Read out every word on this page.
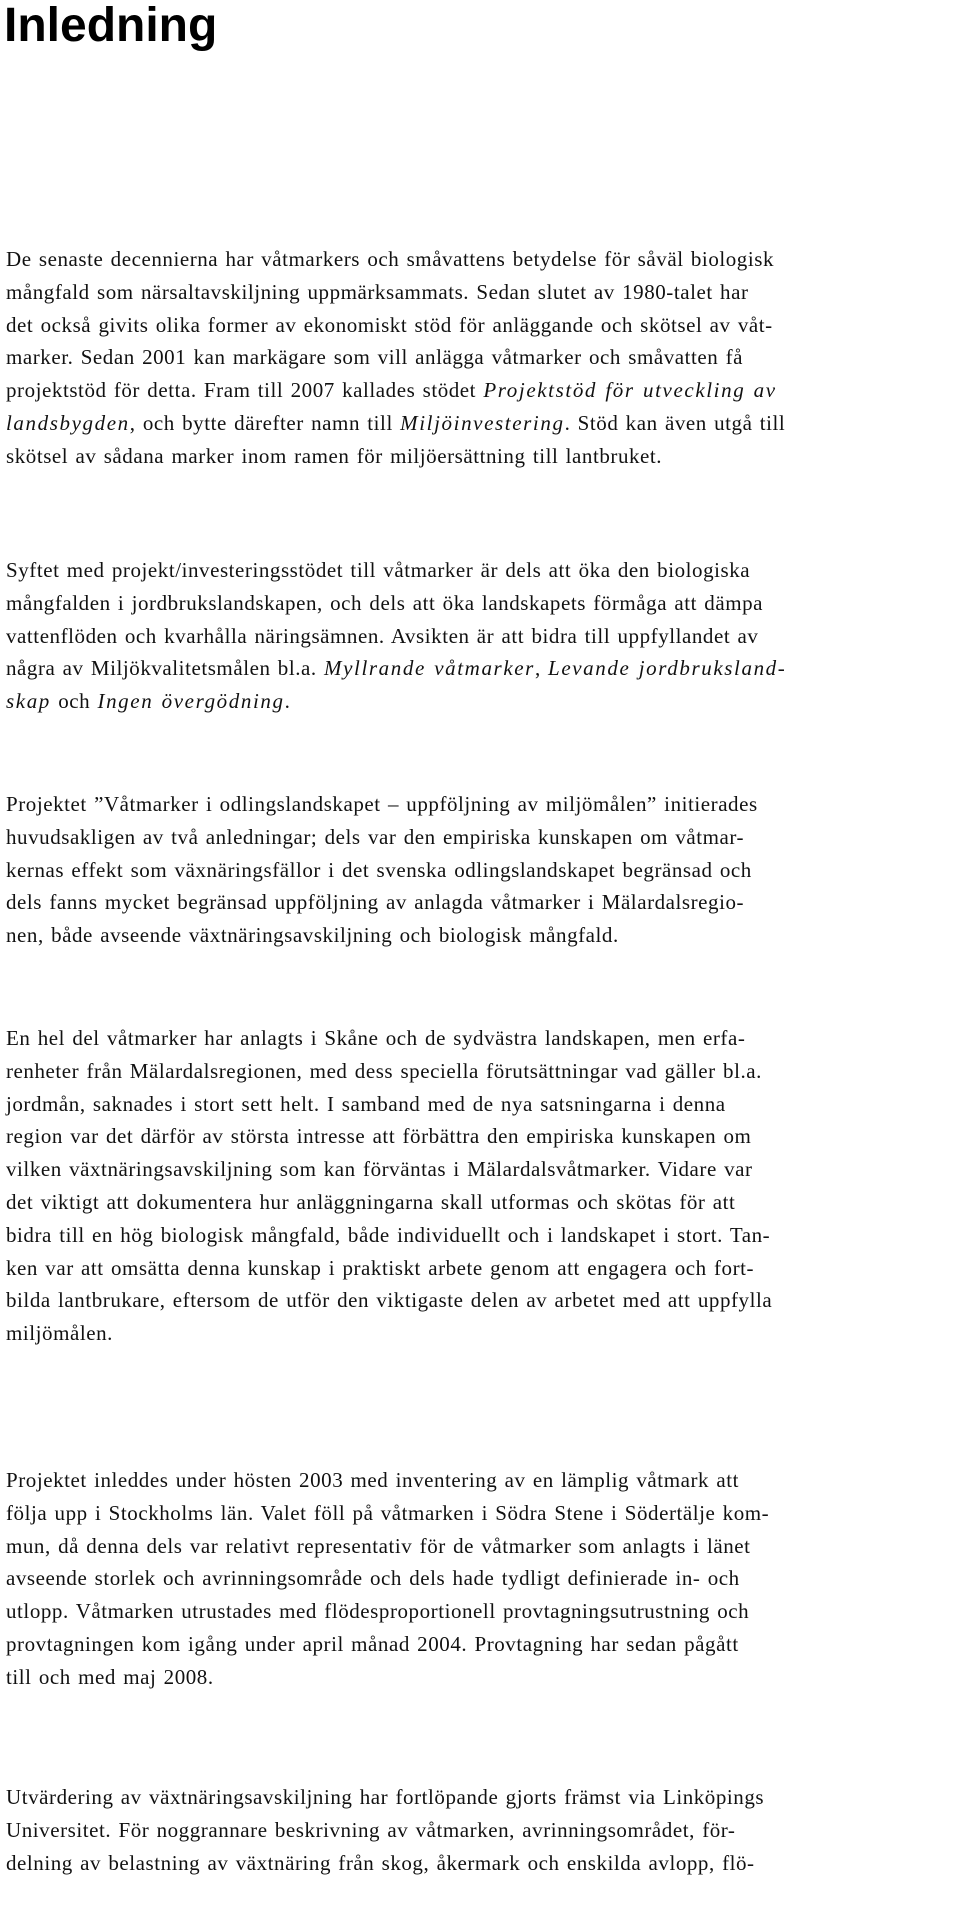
Inledning

De senaste decennierna har våtmarkers och småvattens betydelse för såväl biologisk
mångfald som närsaltavskiljning uppmärksammats. Sedan slutet av 1980-talet har
det också givits olika former av ekonomiskt stöd för anläggande och skötsel av våt-
marker. Sedan 2001 kan markägare som vill anlägga våtmarker och småvatten få
projektstöd för detta. Fram till 2007 kallades stödet Projektstöd för utveckling av
landsbygden, och bytte därefter namn till Miljöinvestering. Stöd kan även utgå till
skötsel av sådana marker inom ramen för miljöersättning till lantbruket.

Syftet med projekt/investeringsstödet till våtmarker är dels att öka den biologiska
mångfalden i jordbrukslandskapen, och dels att öka landskapets förmåga att dämpa
vattenflöden och kvarhålla näringsämnen. Avsikten är att bidra till uppfyllandet av
några av Miljökvalitetsmålen bl.a. Myllrande våtmarker, Levande jordbruksland-
skap och Ingen övergödning.

Projektet ”Våtmarker i odlingslandskapet – uppföljning av miljömålen” initierades
huvudsakligen av två anledningar; dels var den empiriska kunskapen om våtmar-
kernas effekt som växnäringsfällor i det svenska odlingslandskapet begränsad och
dels fanns mycket begränsad uppföljning av anlagda våtmarker i Mälardalsregio-
nen, både avseende växtnäringsavskiljning och biologisk mångfald.

En hel del våtmarker har anlagts i Skåne och de sydvästra landskapen, men erfa-
renheter från Mälardalsregionen, med dess speciella förutsättningar vad gäller bl.a.
jordmån, saknades i stort sett helt. I samband med de nya satsningarna i denna
region var det därför av största intresse att förbättra den empiriska kunskapen om
vilken växtnäringsavskiljning som kan förväntas i Mälardalsvåtmarker. Vidare var
det viktigt att dokumentera hur anläggningarna skall utformas och skötas för att
bidra till en hög biologisk mångfald, både individuellt och i landskapet i stort. Tan-
ken var att omsätta denna kunskap i praktiskt arbete genom att engagera och fort-
bilda lantbrukare, eftersom de utför den viktigaste delen av arbetet med att uppfylla
miljömålen.

Projektet inleddes under hösten 2003 med inventering av en lämplig våtmark att
följa upp i Stockholms län. Valet föll på våtmarken i Södra Stene i Södertälje kom-
mun, då denna dels var relativt representativ för de våtmarker som anlagts i länet
avseende storlek och avrinningsområde och dels hade tydligt definierade in- och
utlopp. Våtmarken utrustades med flödesproportionell provtagningsutrustning och
provtagningen kom igång under april månad 2004. Provtagning har sedan pågått
till och med maj 2008.

Utvärdering av växtnäringsavskiljning har fortlöpande gjorts främst via Linköpings
Universitet. För noggrannare beskrivning av våtmarken, avrinningsområdet, för-
delning av belastning av växtnäring från skog, åkermark och enskilda avlopp, flö-
